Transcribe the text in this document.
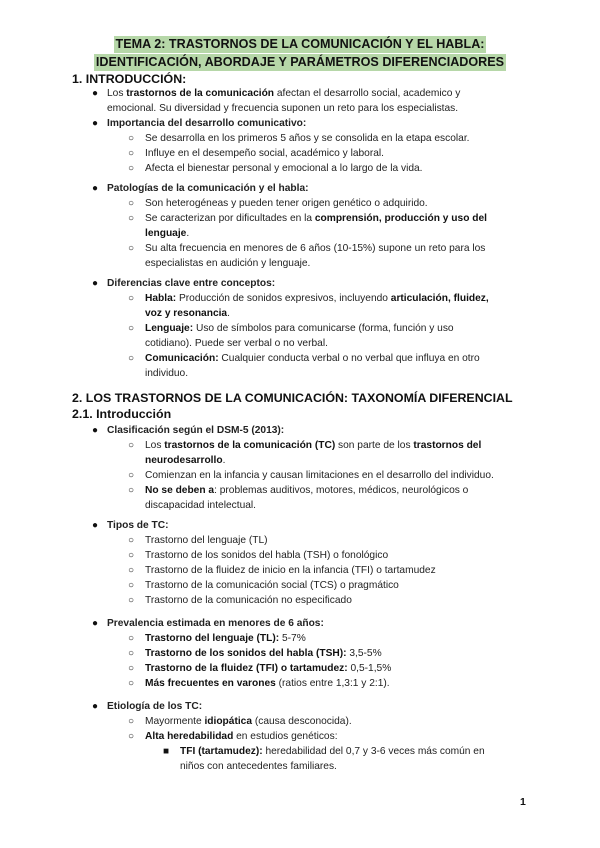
TEMA 2: TRASTORNOS DE LA COMUNICACIÓN Y EL HABLA:
IDENTIFICACIÓN, ABORDAJE Y PARÁMETROS DIFERENCIADORES
1. INTRODUCCIÓN:
● Los trastornos de la comunicación afectan el desarrollo social, academico y
emocional. Su diversidad y frecuencia suponen un reto para los especialistas.
● Importancia del desarrollo comunicativo:
○ Se desarrolla en los primeros 5 años y se consolida en la etapa escolar.
○ Influye en el desempeño social, académico y laboral.
○ Afecta el bienestar personal y emocional a lo largo de la vida.
● Patologías de la comunicación y el habla:
○ Son heterogéneas y pueden tener origen genético o adquirido.
○ Se caracterizan por dificultades en la comprensión, producción y uso del
lenguaje.
○ Su alta frecuencia en menores de 6 años (10-15%) supone un reto para los
especialistas en audición y lenguaje.
● Diferencias clave entre conceptos:
○ Habla: Producción de sonidos expresivos, incluyendo articulación, fluidez,
voz y resonancia.
○ Lenguaje: Uso de símbolos para comunicarse (forma, función y uso
cotidiano). Puede ser verbal o no verbal.
○ Comunicación: Cualquier conducta verbal o no verbal que influya en otro
individuo.
2. LOS TRASTORNOS DE LA COMUNICACIÓN: TAXONOMÍA DIFERENCIAL
2.1. Introducción
● Clasificación según el DSM-5 (2013):
○ Los trastornos de la comunicación (TC) son parte de los trastornos del
neurodesarrollo.
○ Comienzan en la infancia y causan limitaciones en el desarrollo del individuo.
○ No se deben a: problemas auditivos, motores, médicos, neurológicos o
discapacidad intelectual.
● Tipos de TC:
○ Trastorno del lenguaje (TL)
○ Trastorno de los sonidos del habla (TSH) o fonológico
○ Trastorno de la fluidez de inicio en la infancia (TFI) o tartamudez
○ Trastorno de la comunicación social (TCS) o pragmático
○ Trastorno de la comunicación no especificado
● Prevalencia estimada en menores de 6 años:
○ Trastorno del lenguaje (TL): 5-7%
○ Trastorno de los sonidos del habla (TSH): 3,5-5%
○ Trastorno de la fluidez (TFI) o tartamudez: 0,5-1,5%
○ Más frecuentes en varones (ratios entre 1,3:1 y 2:1).
● Etiología de los TC:
○ Mayormente idiopática (causa desconocida).
○ Alta heredabilidad en estudios genéticos:
■ TFI (tartamudez): heredabilidad del 0,7 y 3-6 veces más común en
niños con antecedentes familiares.
1
